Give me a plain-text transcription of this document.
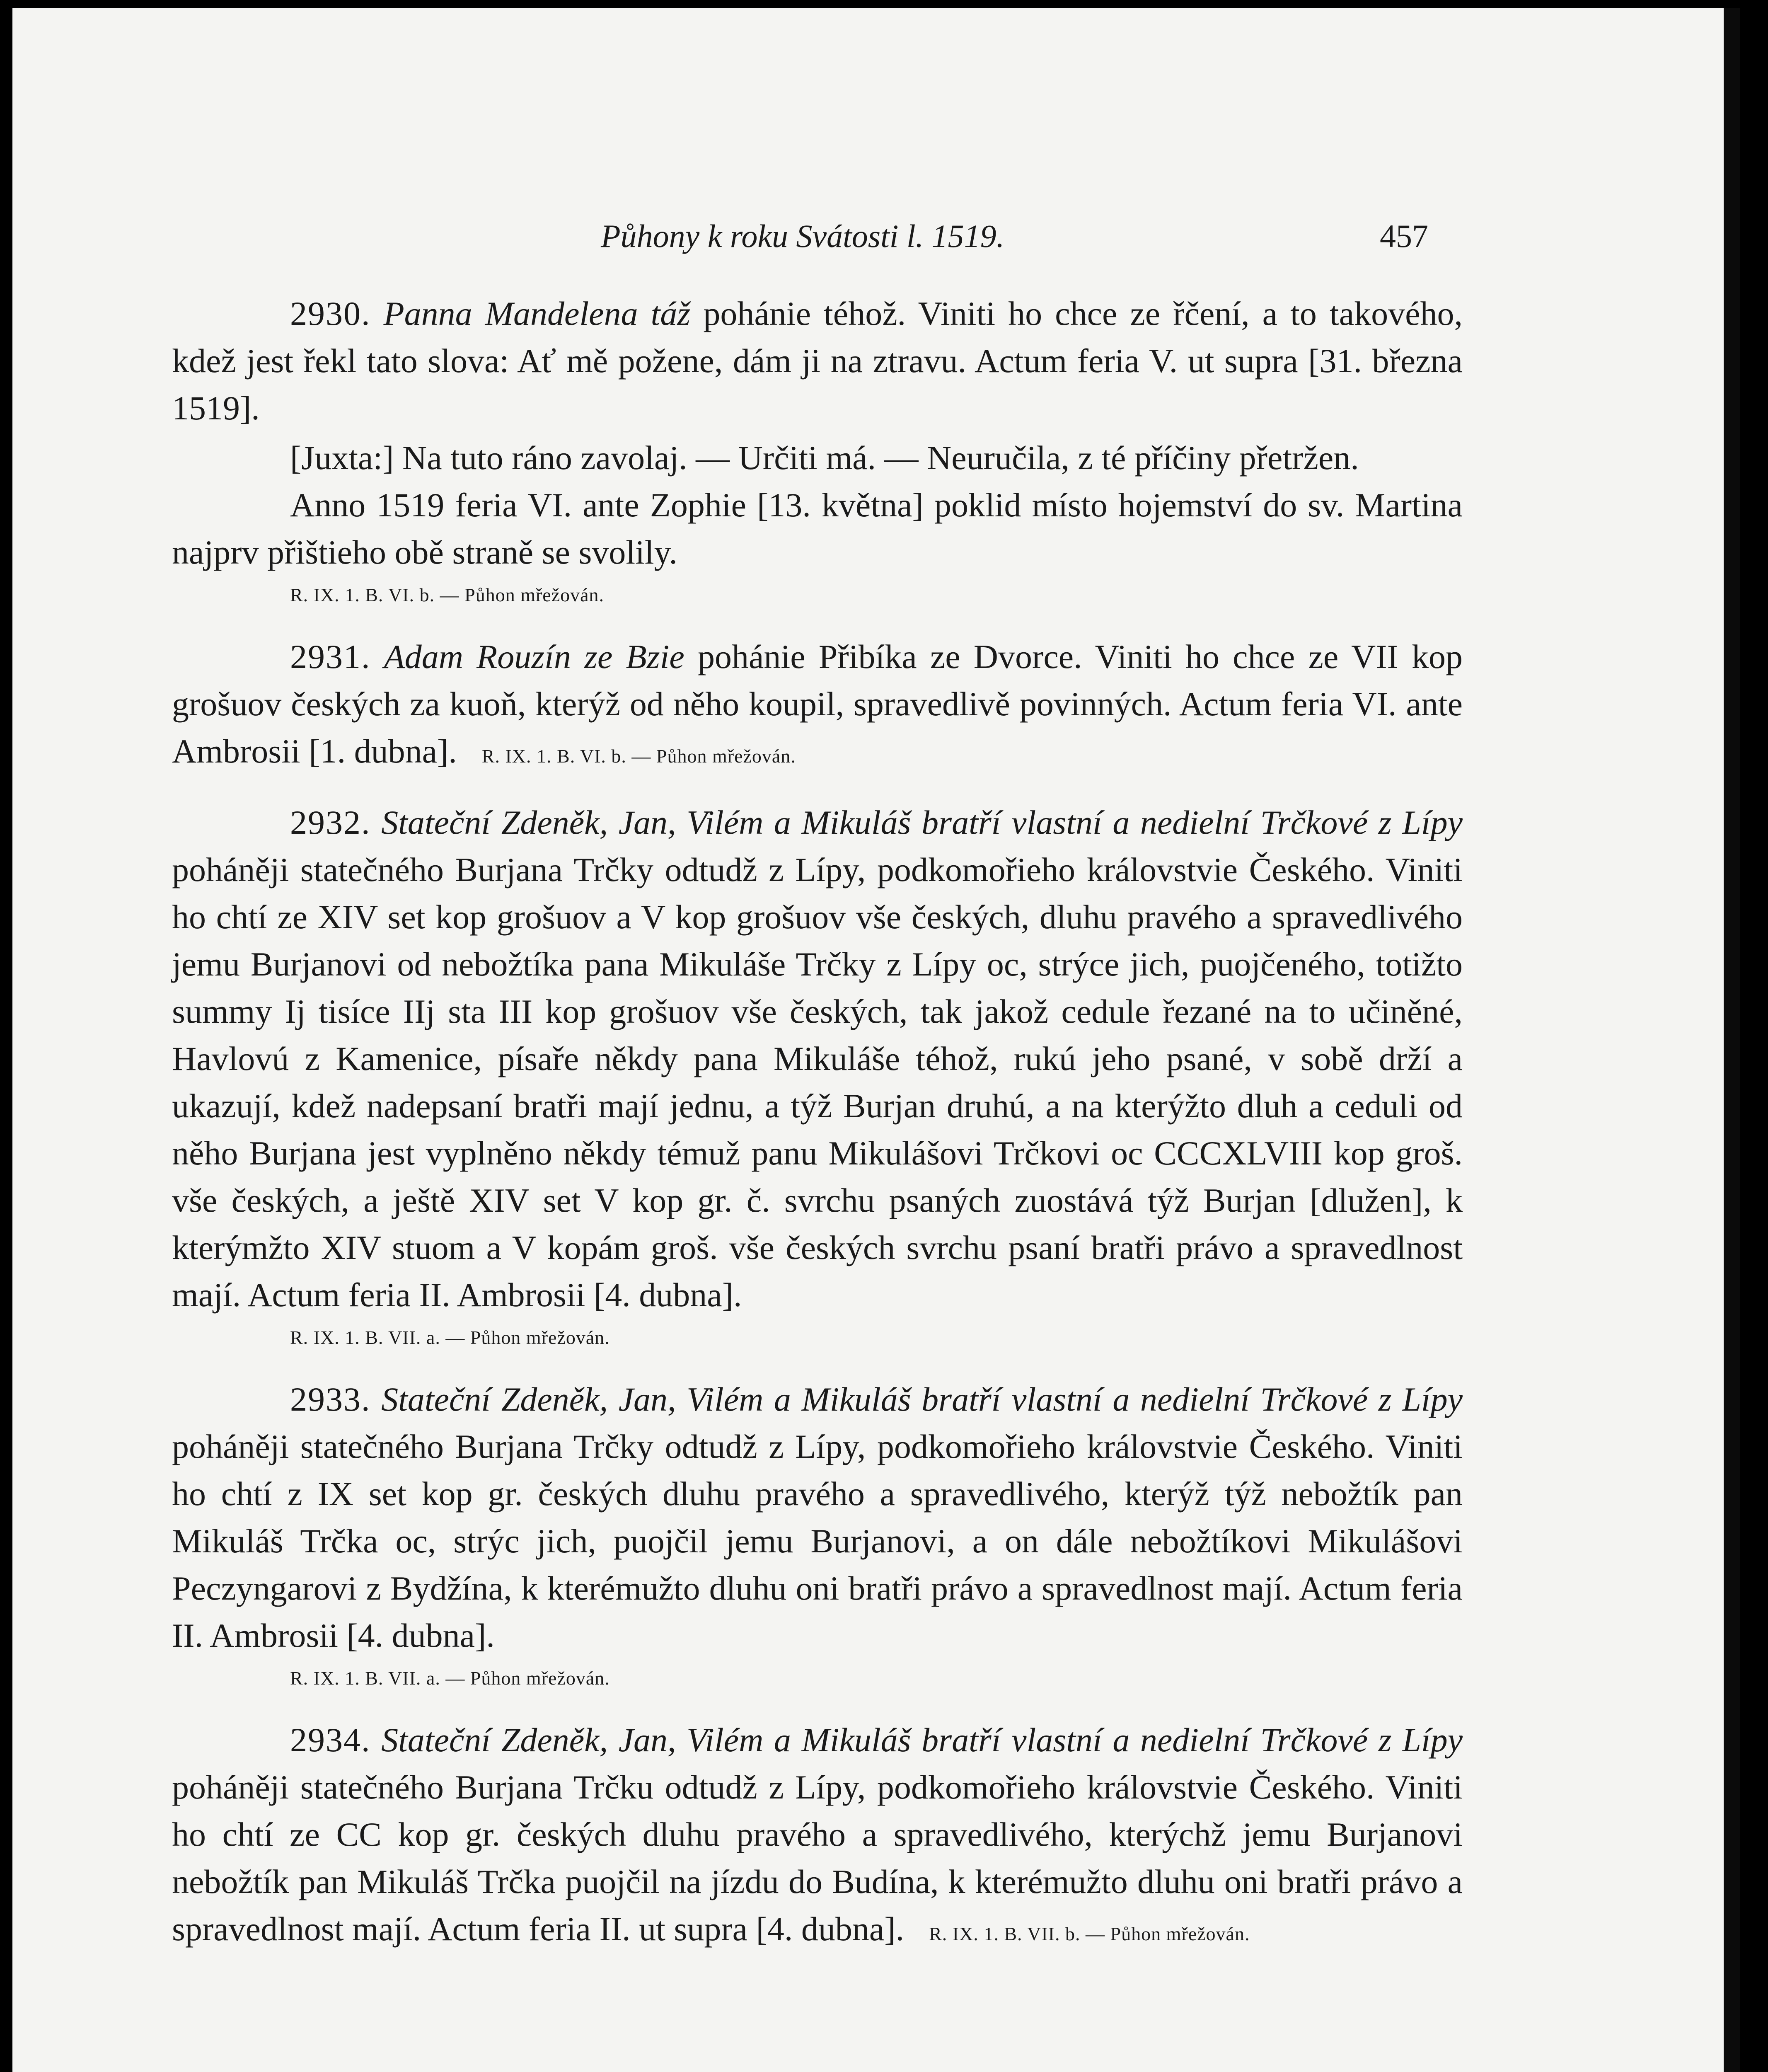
Půhony k roku Svátosti l. 1519.	457

2930. Panna Mandelena táž pohánie téhož. Viniti ho chce ze řčení, a to takového, kdež jest řekl tato slova: Ať mě požene, dám ji na ztravu. Actum feria V. ut supra [31. března 1519].

[Juxta:] Na tuto ráno zavolaj. — Určiti má. — Neuručila, z té příčiny přetržen.

Anno 1519 feria VI. ante Zophie [13. května] poklid místo hojemství do sv. Martina najprv přištieho obě straně se svolily.

R. IX. 1. B. VI. b. — Půhon mřežován.

2931. Adam Rouzín ze Bzie pohánie Přibíka ze Dvorce. Viniti ho chce ze VII kop grošuov českých za kuoň, kterýž od něho koupil, spravedlivě povinných. Actum feria VI. ante Ambrosii [1. dubna]. R. IX. 1. B. VI. b. — Půhon mřežován.

2932. Stateční Zdeněk, Jan, Vilém a Mikuláš bratří vlastní a nedielní Trčkové z Lípy poháněji statečného Burjana Trčky odtudž z Lípy, podkomořieho královstvie Českého. Viniti ho chtí ze XIV set kop grošuov a V kop grošuov vše českých, dluhu pravého a spravedlivého jemu Burjanovi od nebožtíka pana Mikuláše Trčky z Lípy oc, strýce jich, puojčeného, totižto summy Ij tisíce IIj sta III kop grošuov vše českých, tak jakož cedule řezané na to učiněné, Havlovú z Kamenice, písaře někdy pana Mikuláše téhož, rukú jeho psané, v sobě drží a ukazují, kdež nadepsaní bratři mají jednu, a týž Burjan druhú, a na kterýžto dluh a ceduli od něho Burjana jest vyplněno někdy témuž panu Mikulášovi Trčkovi oc CCCXLVIII kop groš. vše českých, a ještě XIV set V kop gr. č. svrchu psaných zuostává týž Burjan [dlužen], k kterýmžto XIV stuom a V kopám groš. vše českých svrchu psaní bratři právo a spravedlnost mají. Actum feria II. Ambrosii [4. dubna].

R. IX. 1. B. VII. a. — Půhon mřežován.

2933. Stateční Zdeněk, Jan, Vilém a Mikuláš bratří vlastní a nedielní Trčkové z Lípy poháněji statečného Burjana Trčky odtudž z Lípy, podkomořieho královstvie Českého. Viniti ho chtí z IX set kop gr. českých dluhu pravého a spravedlivého, kterýž týž nebožtík pan Mikuláš Trčka oc, strýc jich, puojčil jemu Burjanovi, a on dále nebožtíkovi Mikulášovi Peczyngarovi z Bydžína, k kterémužto dluhu oni bratři právo a spravedlnost mají. Actum feria II. Ambrosii [4. dubna].

R. IX. 1. B. VII. a. — Půhon mřežován.

2934. Stateční Zdeněk, Jan, Vilém a Mikuláš bratří vlastní a nedielní Trčkové z Lípy poháněji statečného Burjana Trčku odtudž z Lípy, podkomořieho královstvie Českého. Viniti ho chtí ze CC kop gr. českých dluhu pravého a spravedlivého, kterýchž jemu Burjanovi nebožtík pan Mikuláš Trčka puojčil na jízdu do Budína, k kterémužto dluhu oni bratři právo a spravedlnost mají. Actum feria II. ut supra [4. dubna]. R. IX. 1. B. VII. b. — Půhon mřežován.
